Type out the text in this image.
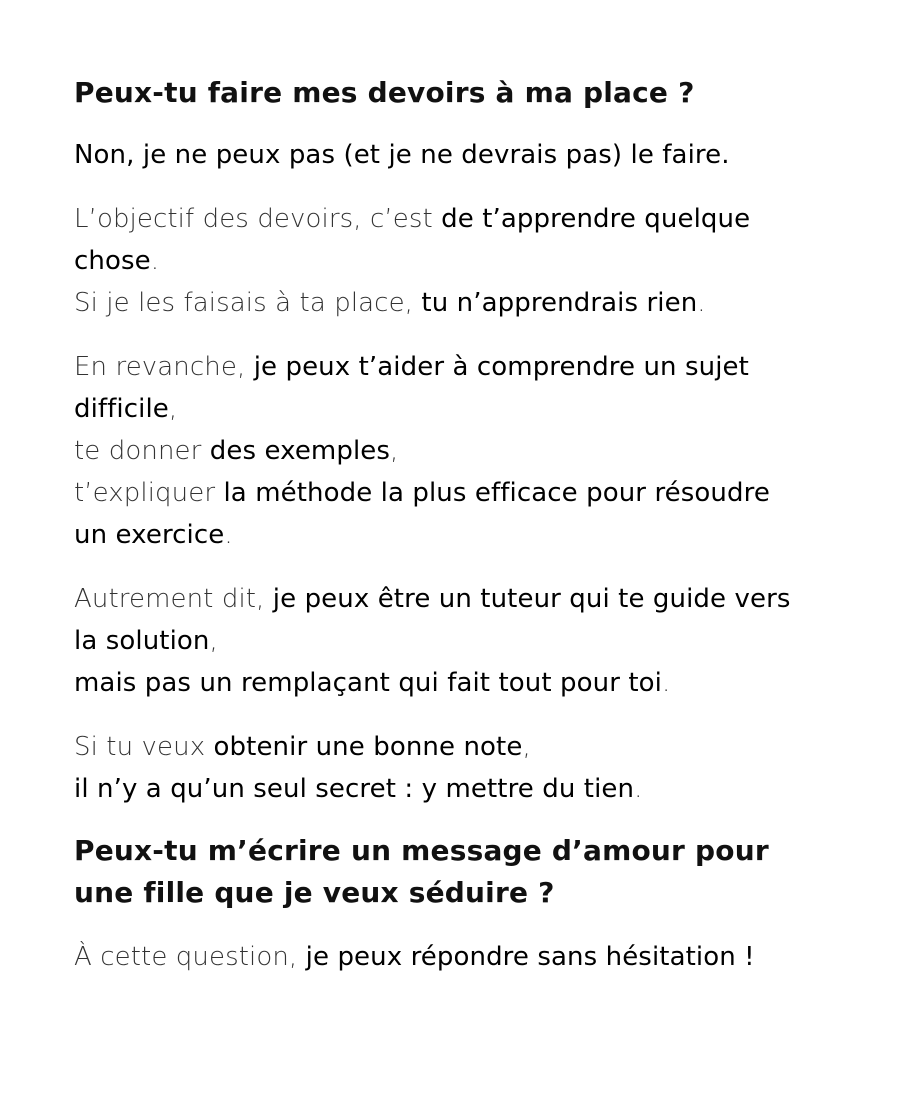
Peux-tu faire mes devoirs à ma place ?

Non, je ne peux pas (et je ne devrais pas) le faire.

L’objectif des devoirs, c’est de t’apprendre quelque
chose.
Si je les faisais à ta place, tu n’apprendrais rien.

En revanche, je peux t’aider à comprendre un sujet
difficile,
te donner des exemples,
t’expliquer la méthode la plus efficace pour résoudre
un exercice.

Autrement dit, je peux être un tuteur qui te guide vers
la solution,
mais pas un remplaçant qui fait tout pour toi.

Si tu veux obtenir une bonne note,
il n’y a qu’un seul secret : y mettre du tien.

Peux-tu m’écrire un message d’amour pour
une fille que je veux séduire ?

À cette question, je peux répondre sans hésitation !
